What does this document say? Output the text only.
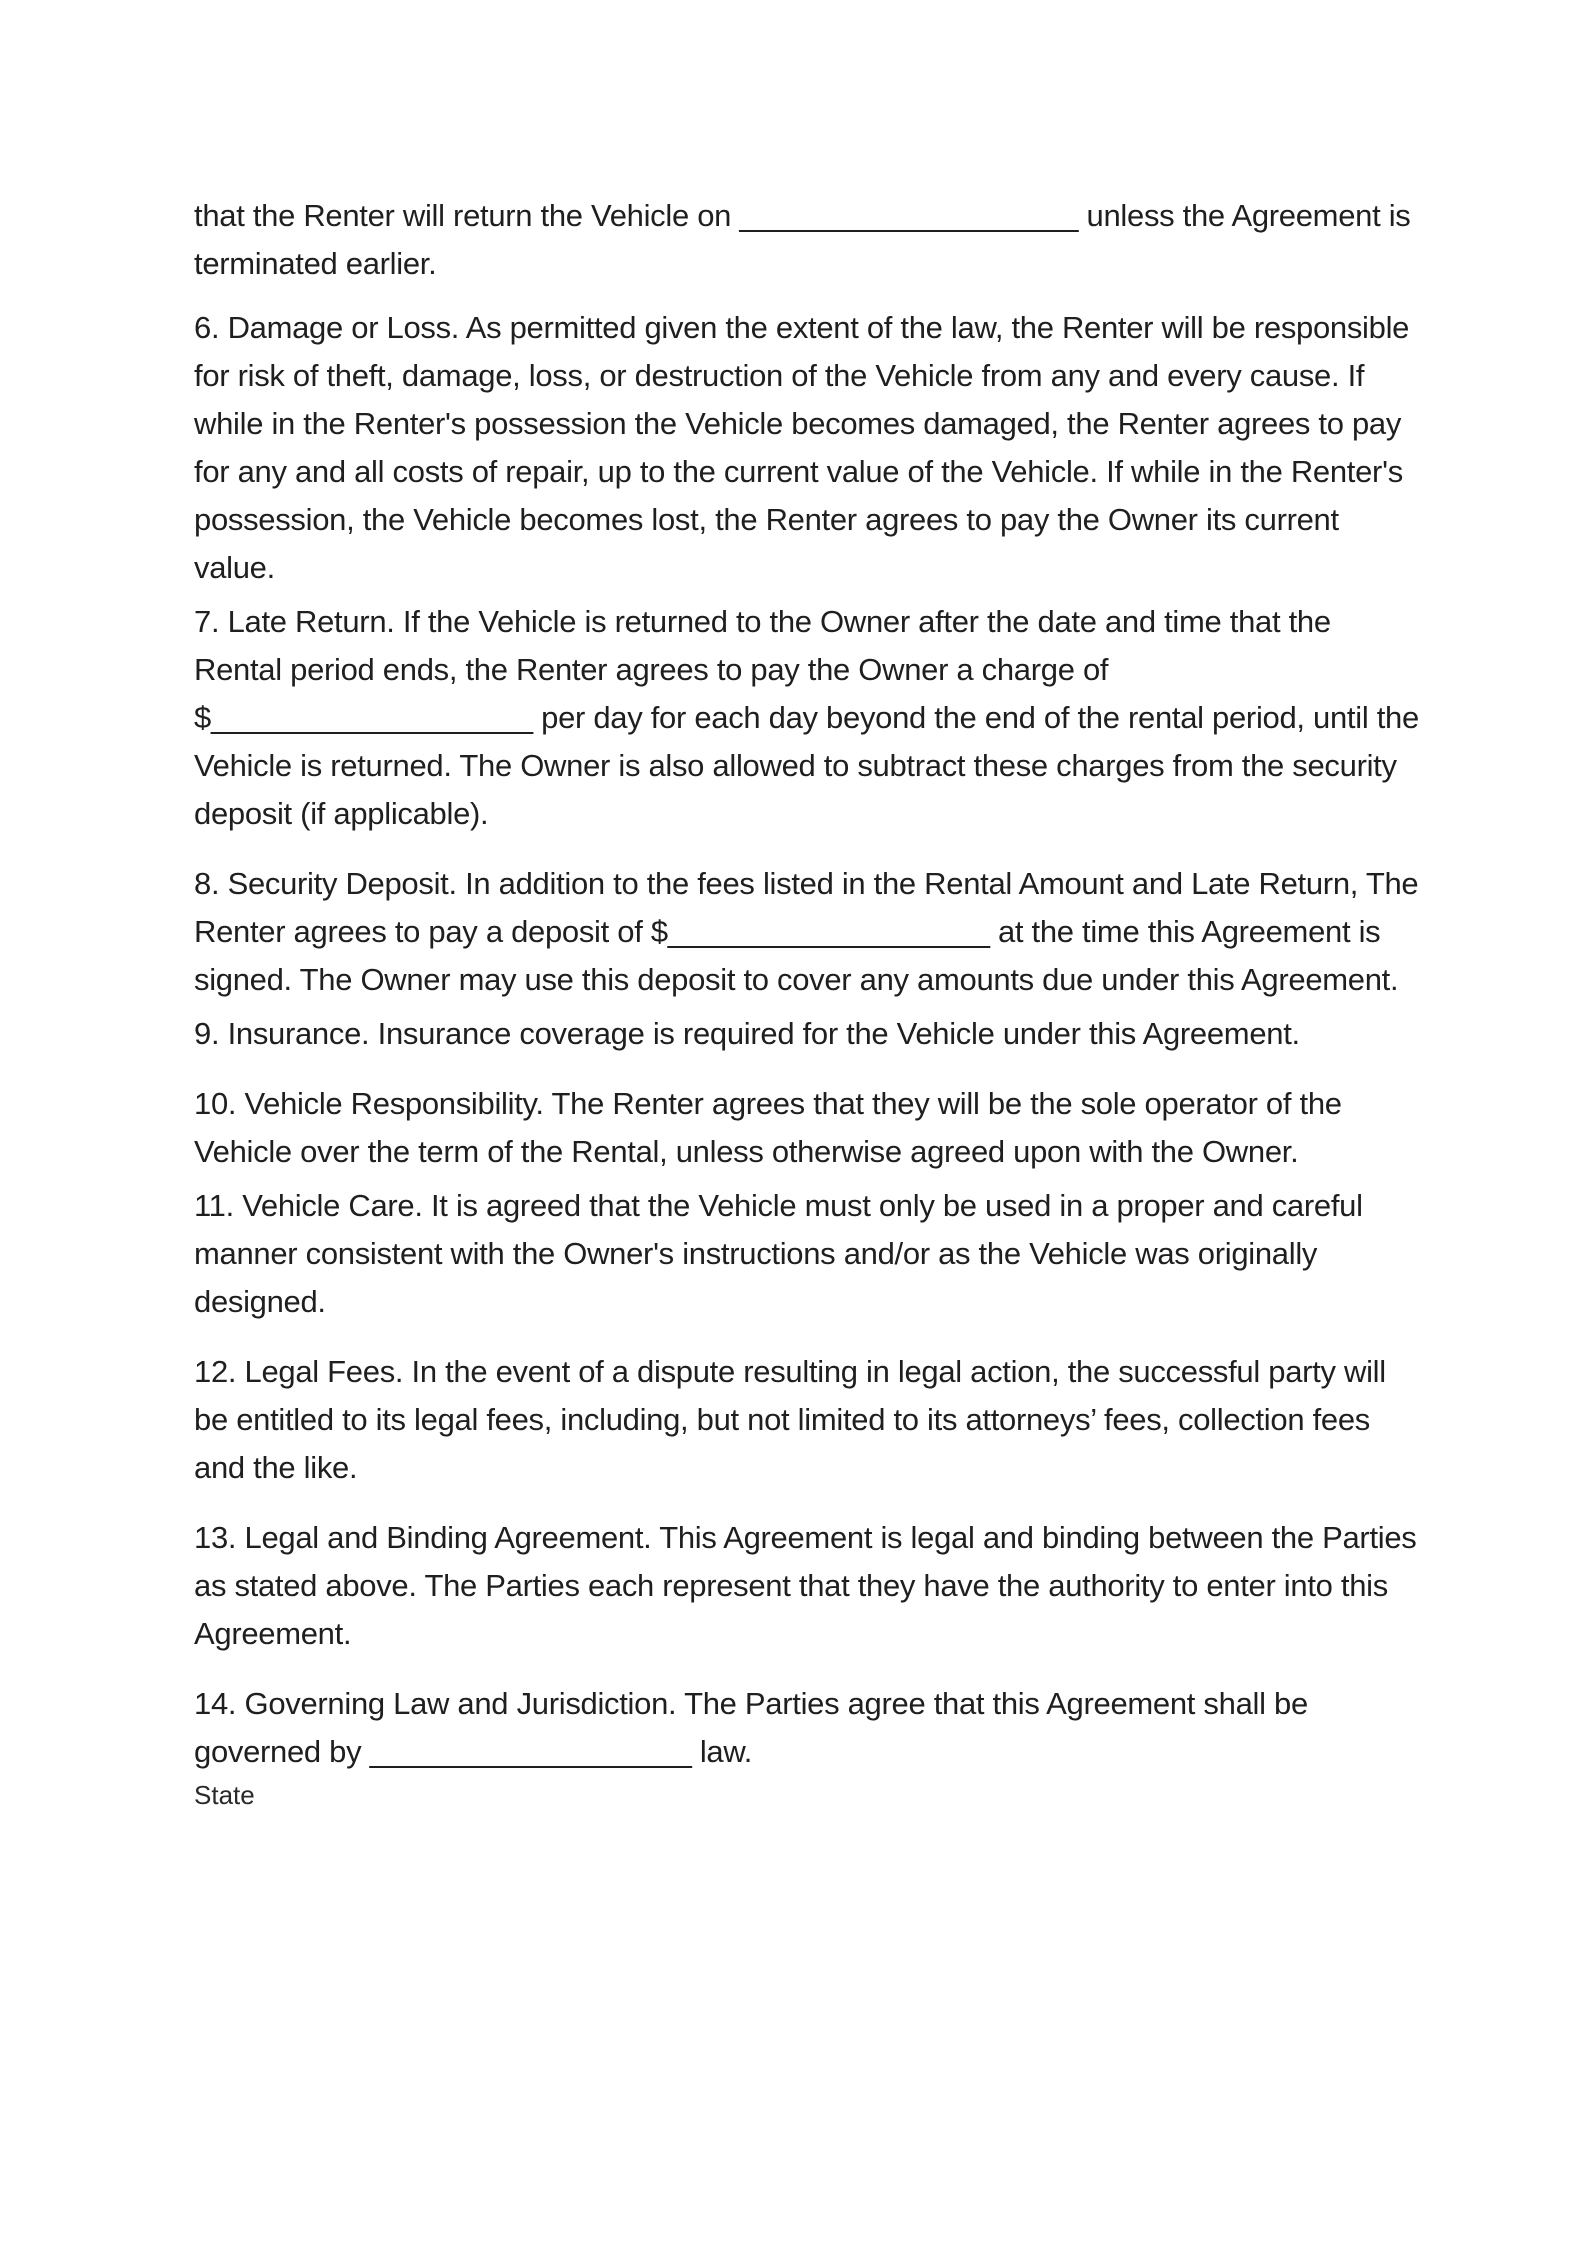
that the Renter will return the Vehicle on ____________________ unless the Agreement is terminated earlier.

6. Damage or Loss. As permitted given the extent of the law, the Renter will be responsible for risk of theft, damage, loss, or destruction of the Vehicle from any and every cause. If while in the Renter's possession the Vehicle becomes damaged, the Renter agrees to pay for any and all costs of repair, up to the current value of the Vehicle. If while in the Renter's possession, the Vehicle becomes lost, the Renter agrees to pay the Owner its current value.

7. Late Return. If the Vehicle is returned to the Owner after the date and time that the Rental period ends, the Renter agrees to pay the Owner a charge of $___________________ per day for each day beyond the end of the rental period, until the Vehicle is returned. The Owner is also allowed to subtract these charges from the security deposit (if applicable).

8. Security Deposit. In addition to the fees listed in the Rental Amount and Late Return, The Renter agrees to pay a deposit of $___________________ at the time this Agreement is signed. The Owner may use this deposit to cover any amounts due under this Agreement.

9. Insurance. Insurance coverage is required for the Vehicle under this Agreement.

10. Vehicle Responsibility. The Renter agrees that they will be the sole operator of the Vehicle over the term of the Rental, unless otherwise agreed upon with the Owner.

11. Vehicle Care. It is agreed that the Vehicle must only be used in a proper and careful manner consistent with the Owner's instructions and/or as the Vehicle was originally designed.

12. Legal Fees. In the event of a dispute resulting in legal action, the successful party will be entitled to its legal fees, including, but not limited to its attorneys’ fees, collection fees and the like.

13. Legal and Binding Agreement. This Agreement is legal and binding between the Parties as stated above. The Parties each represent that they have the authority to enter into this Agreement.

14. Governing Law and Jurisdiction. The Parties agree that this Agreement shall be governed by ___________________ law.

State
